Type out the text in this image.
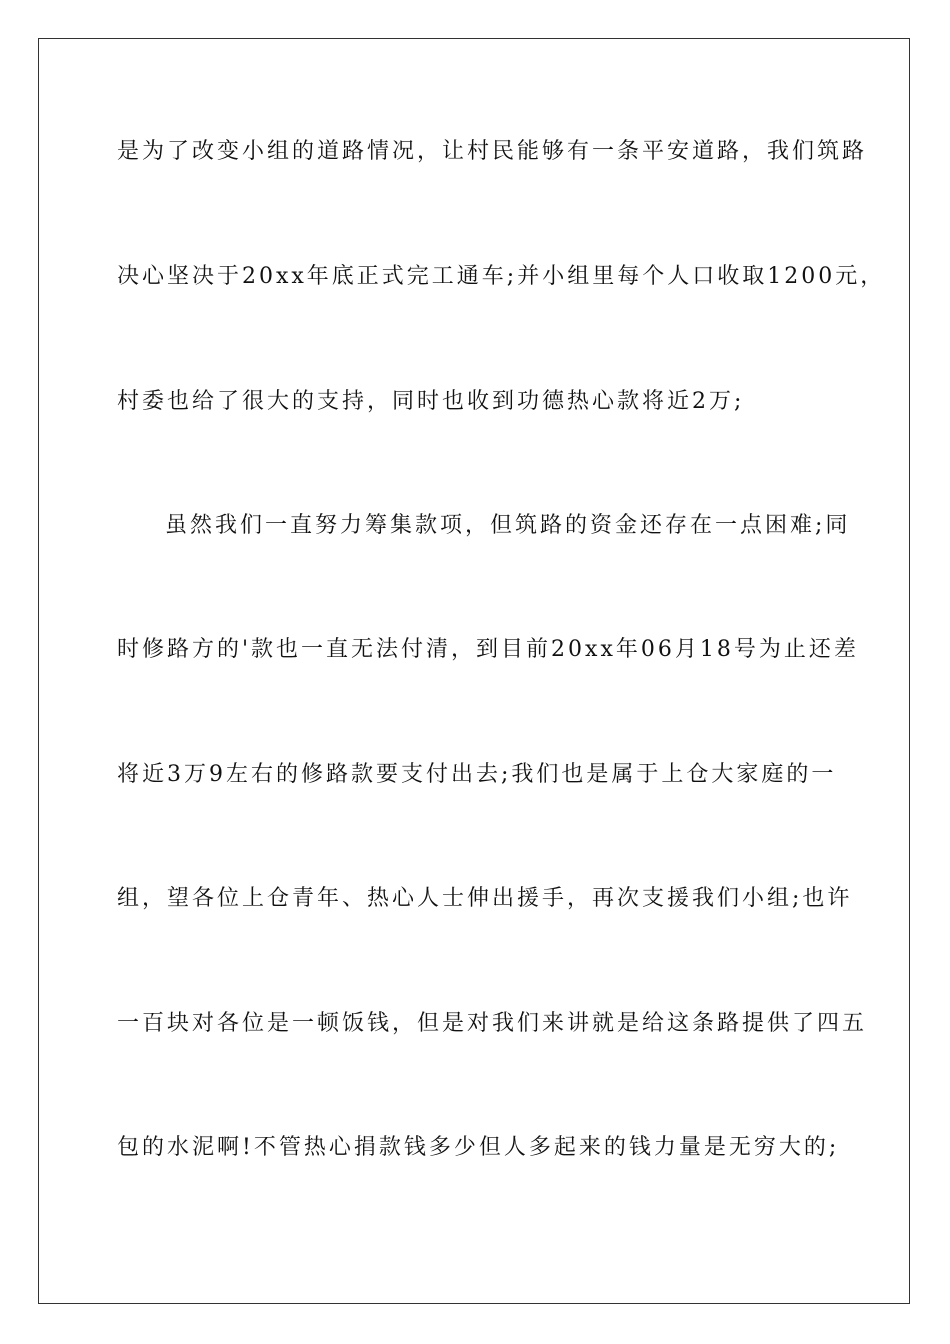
是为了改变小组的道路情况，让村民能够有一条平安道路，我们筑路
决心坚决于20xx年底正式完工通车;并小组里每个人口收取1200元，
村委也给了很大的支持，同时也收到功德热心款将近2万;
虽然我们一直努力筹集款项，但筑路的资金还存在一点困难;同
时修路方的'款也一直无法付清，到目前20xx年06月18号为止还差
将近3万9左右的修路款要支付出去;我们也是属于上仓大家庭的一
组，望各位上仓青年、热心人士伸出援手，再次支援我们小组;也许
一百块对各位是一顿饭钱，但是对我们来讲就是给这条路提供了四五
包的水泥啊!不管热心捐款钱多少但人多起来的钱力量是无穷大的;
